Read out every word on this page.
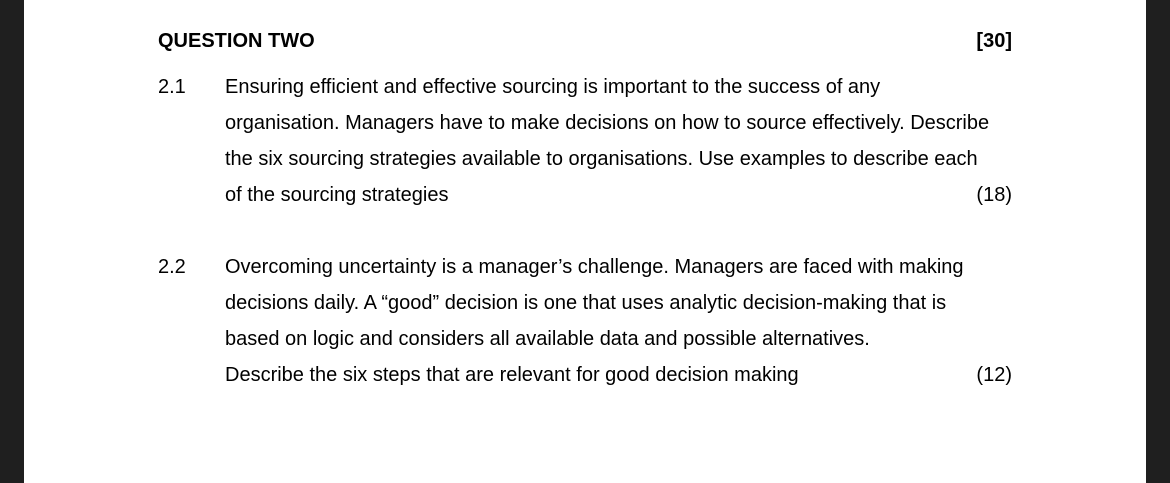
QUESTION TWO	[30]
2.1 Ensuring efficient and effective sourcing is important to the success of any
organisation. Managers have to make decisions on how to source effectively. Describe
the six sourcing strategies available to organisations. Use examples to describe each
of the sourcing strategies	(18)
2.2 Overcoming uncertainty is a manager’s challenge. Managers are faced with making
decisions daily. A “good” decision is one that uses analytic decision-making that is
based on logic and considers all available data and possible alternatives.
Describe the six steps that are relevant for good decision making	(12)
